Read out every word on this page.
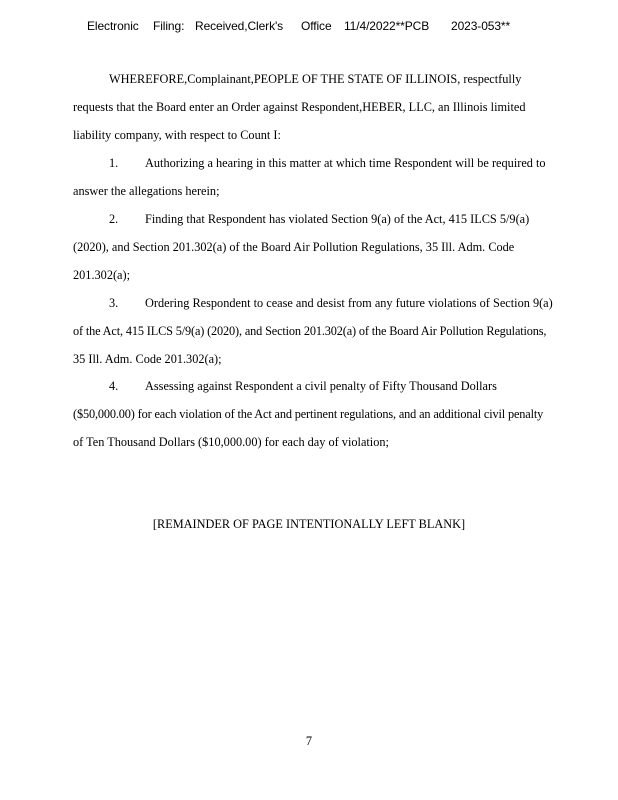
Electronic Filing: Received,Clerk's Office 11/4/2022**PCB 2023-053**
WHEREFORE,Complainant,PEOPLE OF THE STATE OF ILLINOIS, respectfully
requests that the Board enter an Order against Respondent,HEBER, LLC, an Illinois limited
liability company, with respect to Count I:
1. Authorizing a hearing in this matter at which time Respondent will be required to
answer the allegations herein;
2. Finding that Respondent has violated Section 9(a) of the Act, 415 ILCS 5/9(a)
(2020), and Section 201.302(a) of the Board Air Pollution Regulations, 35 Ill. Adm. Code
201.302(a);
3. Ordering Respondent to cease and desist from any future violations of Section 9(a)
of the Act, 415 ILCS 5/9(a) (2020), and Section 201.302(a) of the Board Air Pollution Regulations,
35 Ill. Adm. Code 201.302(a);
4. Assessing against Respondent a civil penalty of Fifty Thousand Dollars
($50,000.00) for each violation of the Act and pertinent regulations, and an additional civil penalty
of Ten Thousand Dollars ($10,000.00) for each day of violation;
[REMAINDER OF PAGE INTENTIONALLY LEFT BLANK]
7
